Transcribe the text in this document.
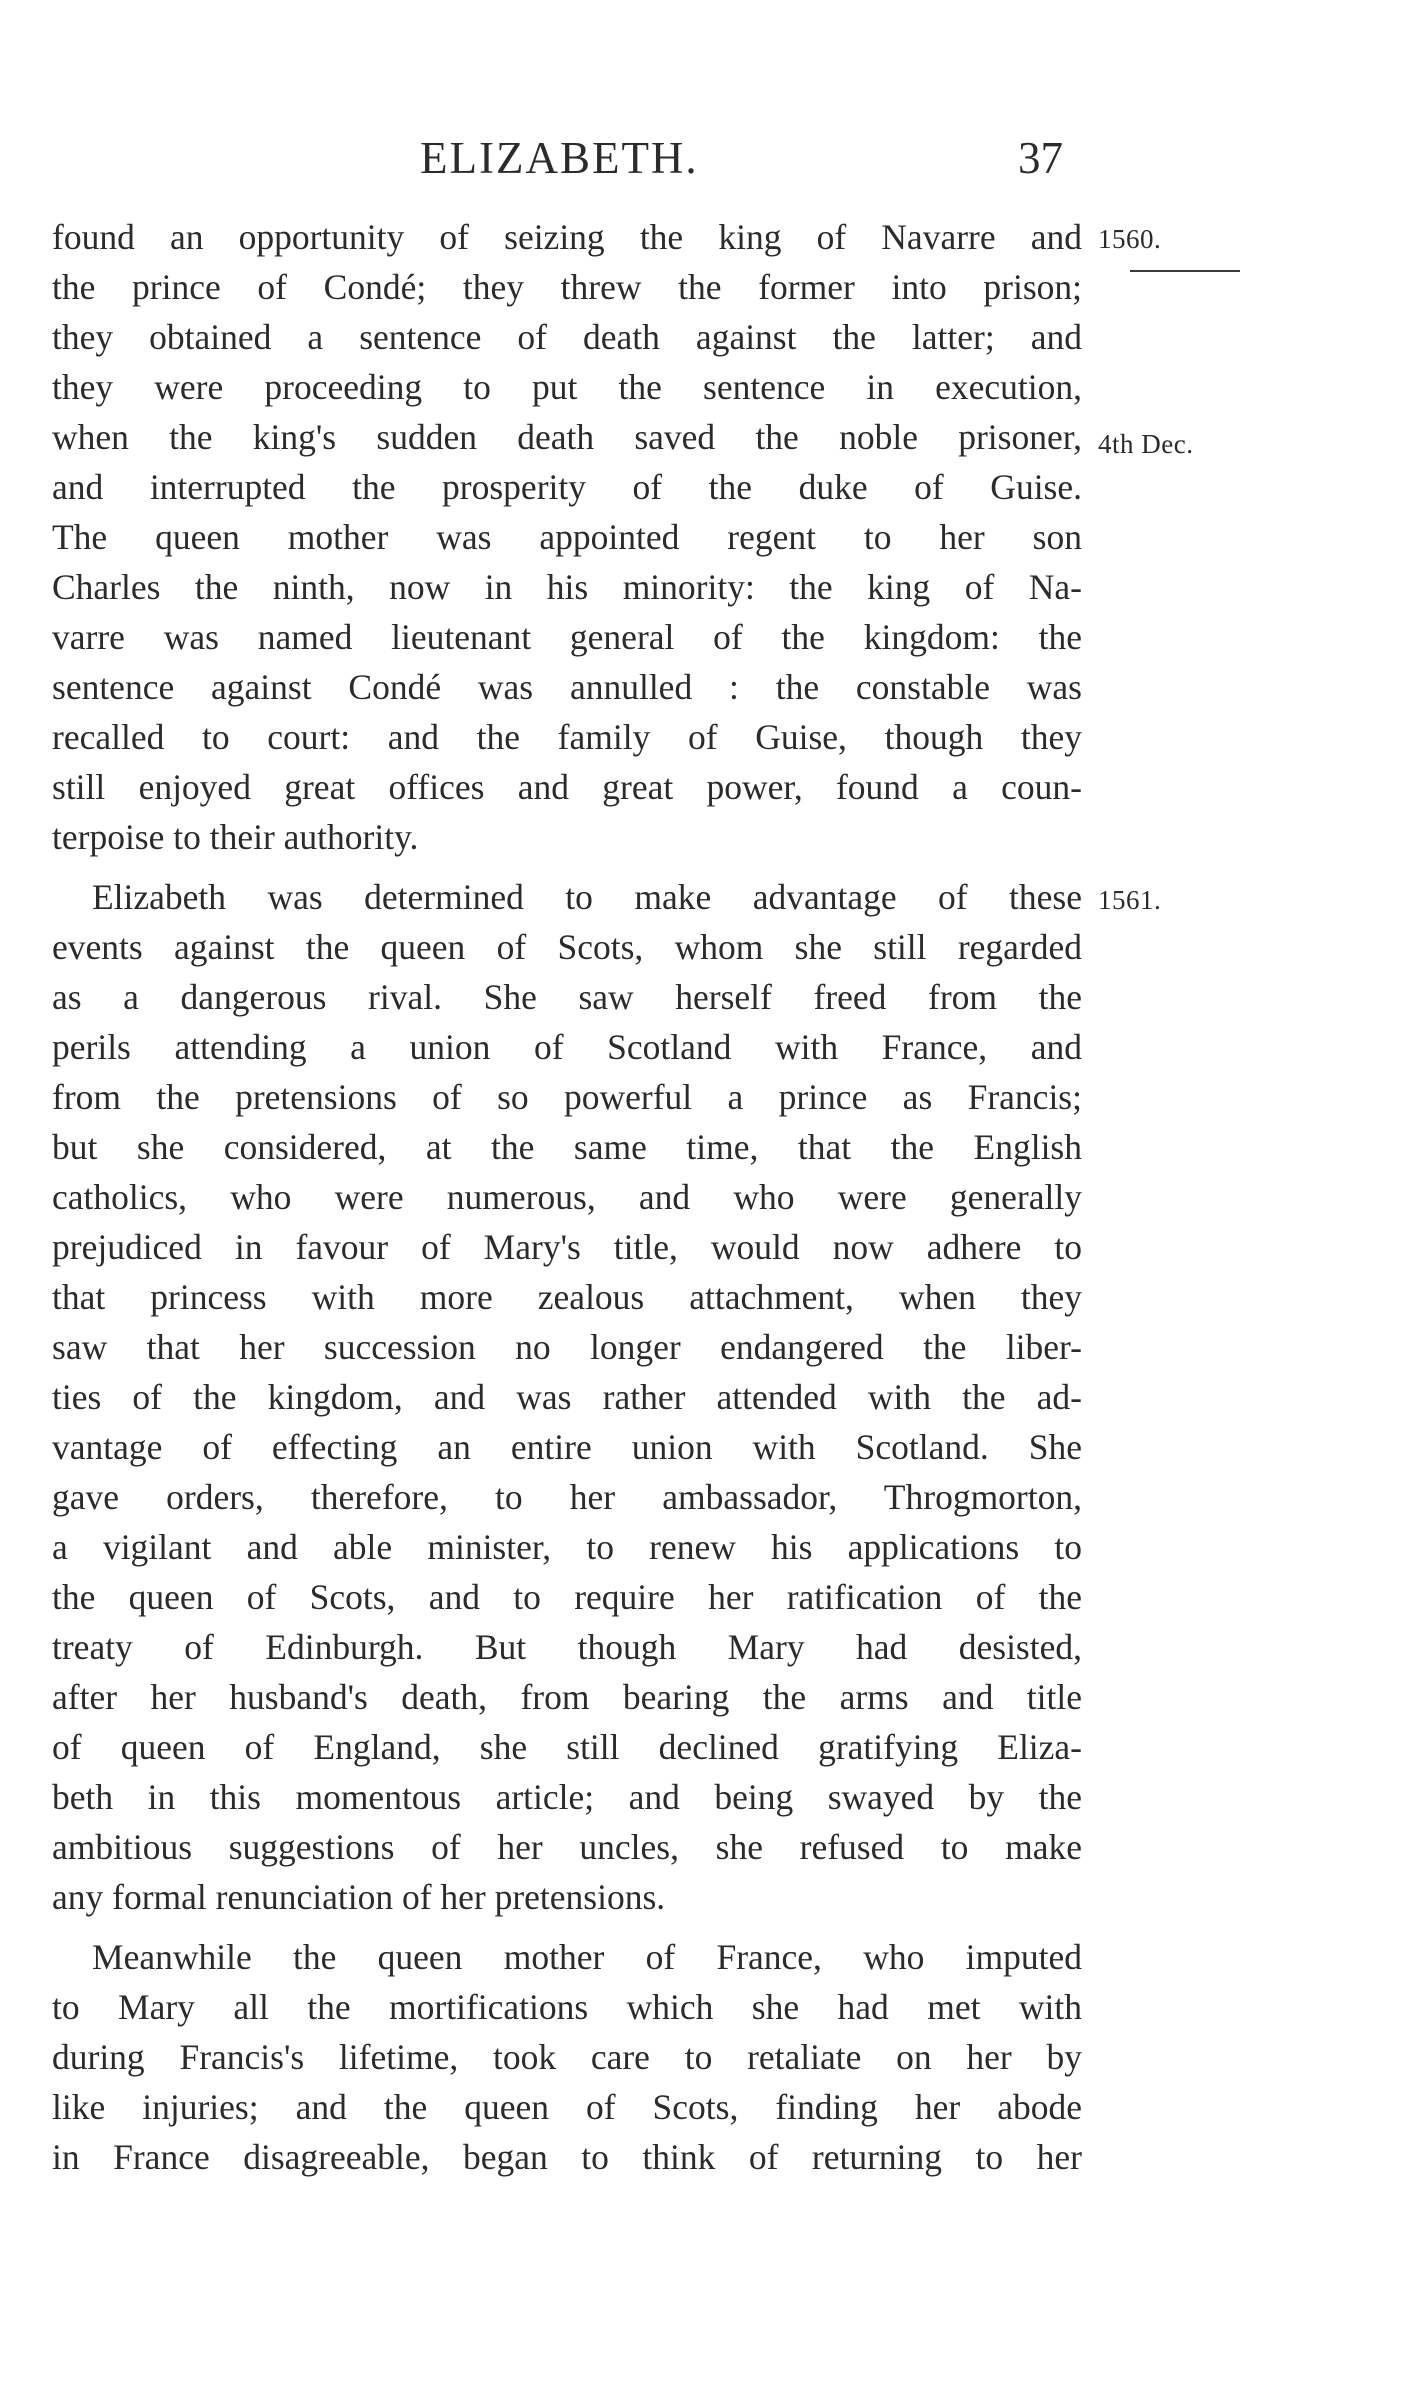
ELIZABETH.	37
1560.
4th Dec.
1561.
found an opportunity of seizing the king of Navarre and
the prince of Condé; they threw the former into prison;
they obtained a sentence of death against the latter; and
they were proceeding to put the sentence in execution,
when the king's sudden death saved the noble prisoner,
and interrupted the prosperity of the duke of Guise.
The queen mother was appointed regent to her son
Charles the ninth, now in his minority: the king of Na-
varre was named lieutenant general of the kingdom: the
sentence against Condé was annulled : the constable was
recalled to court: and the family of Guise, though they
still enjoyed great offices and great power, found a coun-
terpoise to their authority.
Elizabeth was determined to make advantage of these
events against the queen of Scots, whom she still regarded
as a dangerous rival. She saw herself freed from the
perils attending a union of Scotland with France, and
from the pretensions of so powerful a prince as Francis;
but she considered, at the same time, that the English
catholics, who were numerous, and who were generally
prejudiced in favour of Mary's title, would now adhere to
that princess with more zealous attachment, when they
saw that her succession no longer endangered the liber-
ties of the kingdom, and was rather attended with the ad-
vantage of effecting an entire union with Scotland. She
gave orders, therefore, to her ambassador, Throgmorton,
a vigilant and able minister, to renew his applications to
the queen of Scots, and to require her ratification of the
treaty of Edinburgh. But though Mary had desisted,
after her husband's death, from bearing the arms and title
of queen of England, she still declined gratifying Eliza-
beth in this momentous article; and being swayed by the
ambitious suggestions of her uncles, she refused to make
any formal renunciation of her pretensions.
Meanwhile the queen mother of France, who imputed
to Mary all the mortifications which she had met with
during Francis's lifetime, took care to retaliate on her by
like injuries; and the queen of Scots, finding her abode
in France disagreeable, began to think of returning to her
